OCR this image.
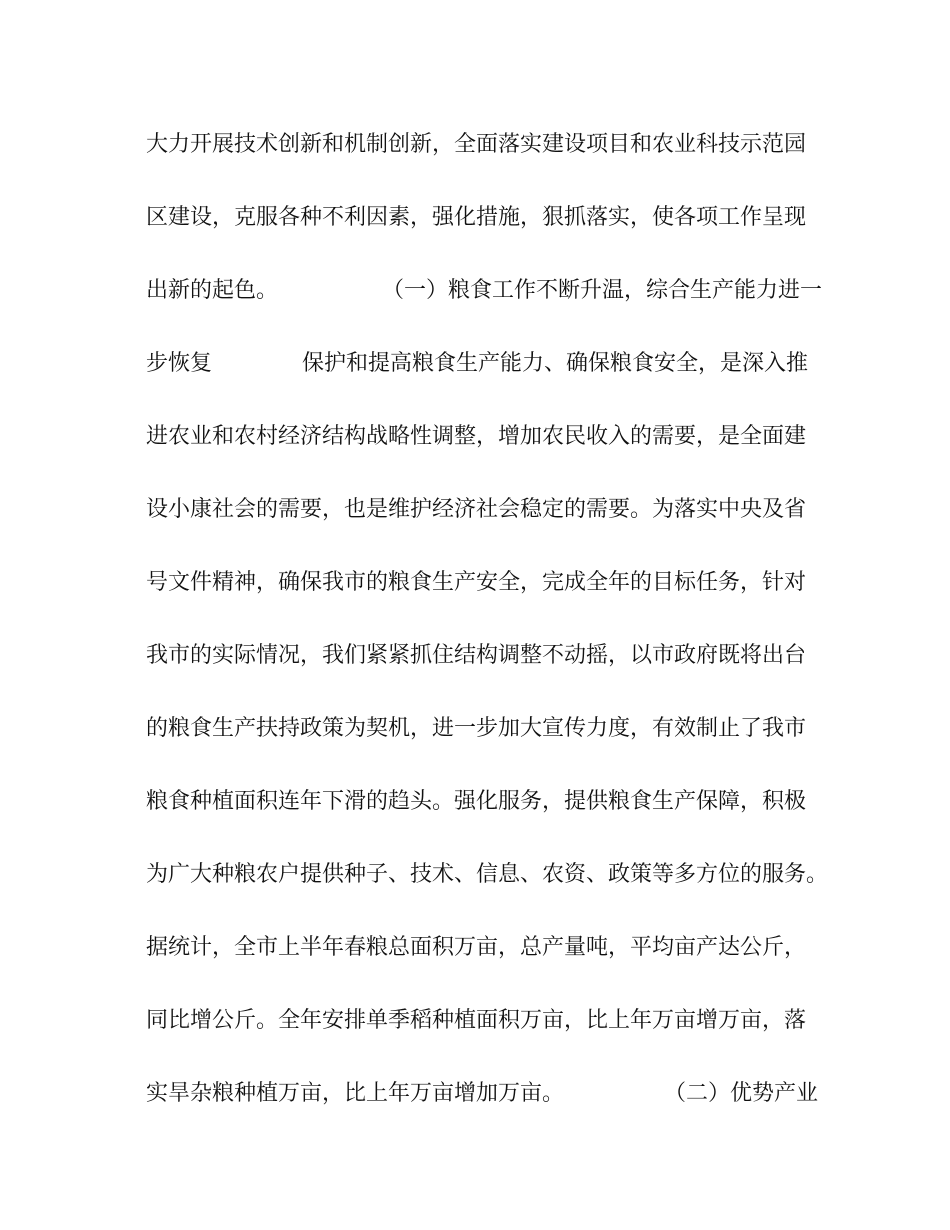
大力开展技术创新和机制创新，全面落实建设项目和农业科技示范园
区建设，克服各种不利因素，强化措施，狠抓落实，使各项工作呈现
出新的起色。	（一）粮食工作不断升温，综合生产能力进一
步恢复	保护和提高粮食生产能力、确保粮食安全，是深入推
进农业和农村经济结构战略性调整，增加农民收入的需要，是全面建
设小康社会的需要，也是维护经济社会稳定的需要。为落实中央及省
号文件精神，确保我市的粮食生产安全，完成全年的目标任务，针对
我市的实际情况，我们紧紧抓住结构调整不动摇，以市政府既将出台
的粮食生产扶持政策为契机，进一步加大宣传力度，有效制止了我市
粮食种植面积连年下滑的趋头。强化服务，提供粮食生产保障，积极
为广大种粮农户提供种子、技术、信息、农资、政策等多方位的服务。
据统计，全市上半年春粮总面积万亩，总产量吨，平均亩产达公斤，
同比增公斤。全年安排单季稻种植面积万亩，比上年万亩增万亩，落
实旱杂粮种植万亩，比上年万亩增加万亩。	（二）优势产业
